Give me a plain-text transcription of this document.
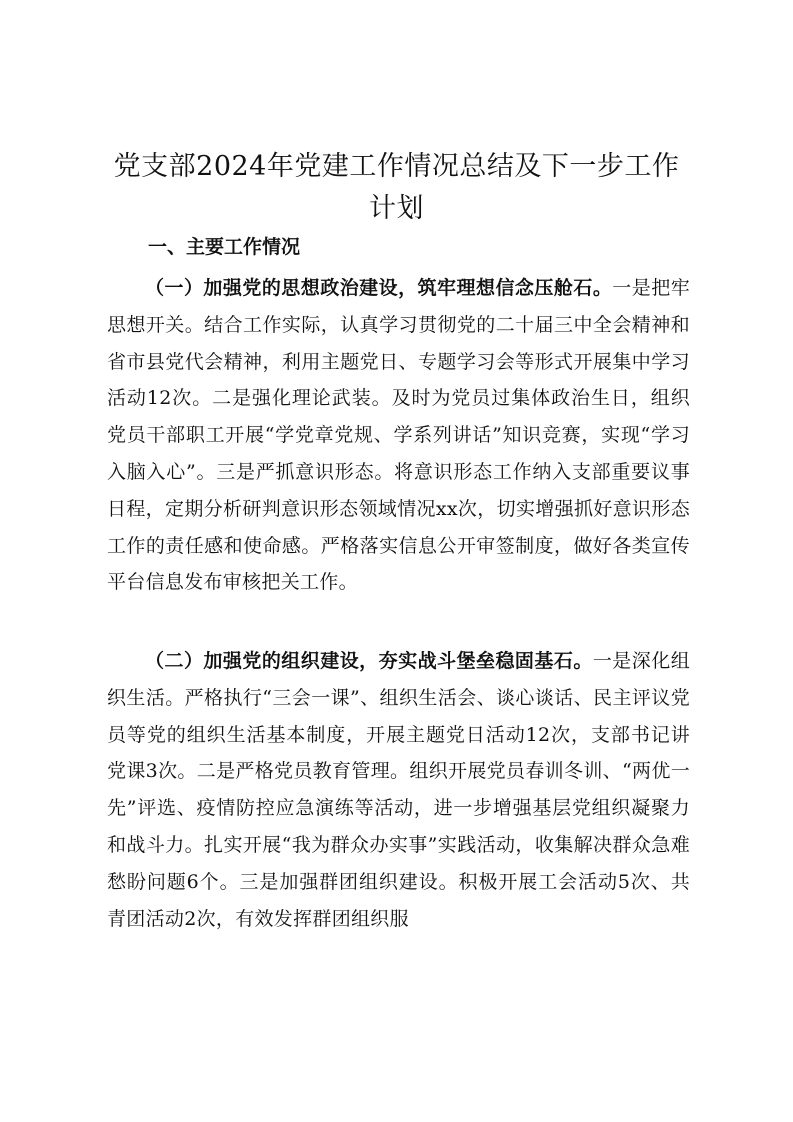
党支部2024年党建工作情况总结及下一步工作计划
一、主要工作情况

（一）加强党的思想政治建设，筑牢理想信念压舱石。一是把牢思想开关。结合工作实际，认真学习贯彻党的二十届三中全会精神和省市县党代会精神，利用主题党日、专题学习会等形式开展集中学习活动12次。二是强化理论武装。及时为党员过集体政治生日，组织党员干部职工开展“学党章党规、学系列讲话”知识竞赛，实现“学习入脑入心”。三是严抓意识形态。将意识形态工作纳入支部重要议事日程，定期分析研判意识形态领域情况xx次，切实增强抓好意识形态工作的责任感和使命感。严格落实信息公开审签制度，做好各类宣传平台信息发布审核把关工作。

（二）加强党的组织建设，夯实战斗堡垒稳固基石。一是深化组织生活。严格执行“三会一课”、组织生活会、谈心谈话、民主评议党员等党的组织生活基本制度，开展主题党日活动12次，支部书记讲党课3次。二是严格党员教育管理。组织开展党员春训冬训、“两优一先”评选、疫情防控应急演练等活动，进一步增强基层党组织凝聚力和战斗力。扎实开展“我为群众办实事”实践活动，收集解决群众急难愁盼问题6个。三是加强群团组织建设。积极开展工会活动5次、共青团活动2次，有效发挥群团组织服
